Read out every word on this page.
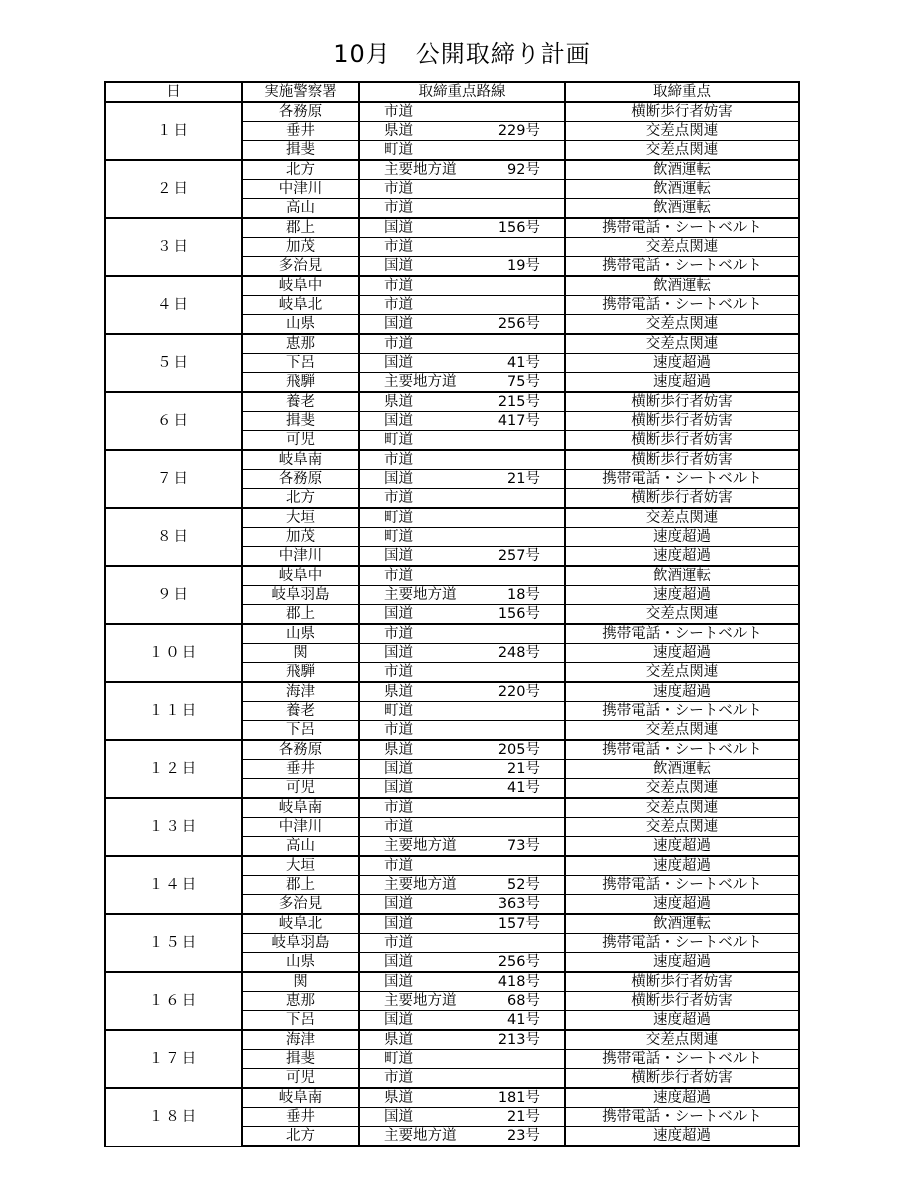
10月　公開取締り計画
日	実施警察署	取締重点路線	取締重点
１日	各務原	市道	横断歩行者妨害
	垂井	県道 229号	交差点関連
	揖斐	町道	交差点関連
２日	北方	主要地方道 92号	飲酒運転
	中津川	市道	飲酒運転
	高山	市道	飲酒運転
３日	郡上	国道 156号	携帯電話・シートベルト
	加茂	市道	交差点関連
	多治見	国道 19号	携帯電話・シートベルト
４日	岐阜中	市道	飲酒運転
	岐阜北	市道	携帯電話・シートベルト
	山県	国道 256号	交差点関連
５日	恵那	市道	交差点関連
	下呂	国道 41号	速度超過
	飛騨	主要地方道 75号	速度超過
６日	養老	県道 215号	横断歩行者妨害
	揖斐	国道 417号	横断歩行者妨害
	可児	町道	横断歩行者妨害
７日	岐阜南	市道	横断歩行者妨害
	各務原	国道 21号	携帯電話・シートベルト
	北方	市道	横断歩行者妨害
８日	大垣	町道	交差点関連
	加茂	町道	速度超過
	中津川	国道 257号	速度超過
９日	岐阜中	市道	飲酒運転
	岐阜羽島	主要地方道 18号	速度超過
	郡上	国道 156号	交差点関連
１０日	山県	市道	携帯電話・シートベルト
	関	国道 248号	速度超過
	飛騨	市道	交差点関連
１１日	海津	県道 220号	速度超過
	養老	町道	携帯電話・シートベルト
	下呂	市道	交差点関連
１２日	各務原	県道 205号	携帯電話・シートベルト
	垂井	国道 21号	飲酒運転
	可児	国道 41号	交差点関連
１３日	岐阜南	市道	交差点関連
	中津川	市道	交差点関連
	高山	主要地方道 73号	速度超過
１４日	大垣	市道	速度超過
	郡上	主要地方道 52号	携帯電話・シートベルト
	多治見	国道 363号	速度超過
１５日	岐阜北	国道 157号	飲酒運転
	岐阜羽島	市道	携帯電話・シートベルト
	山県	国道 256号	速度超過
１６日	関	国道 418号	横断歩行者妨害
	恵那	主要地方道 68号	横断歩行者妨害
	下呂	国道 41号	速度超過
１７日	海津	県道 213号	交差点関連
	揖斐	町道	携帯電話・シートベルト
	可児	市道	横断歩行者妨害
１８日	岐阜南	県道 181号	速度超過
	垂井	国道 21号	携帯電話・シートベルト
	北方	主要地方道 23号	速度超過
